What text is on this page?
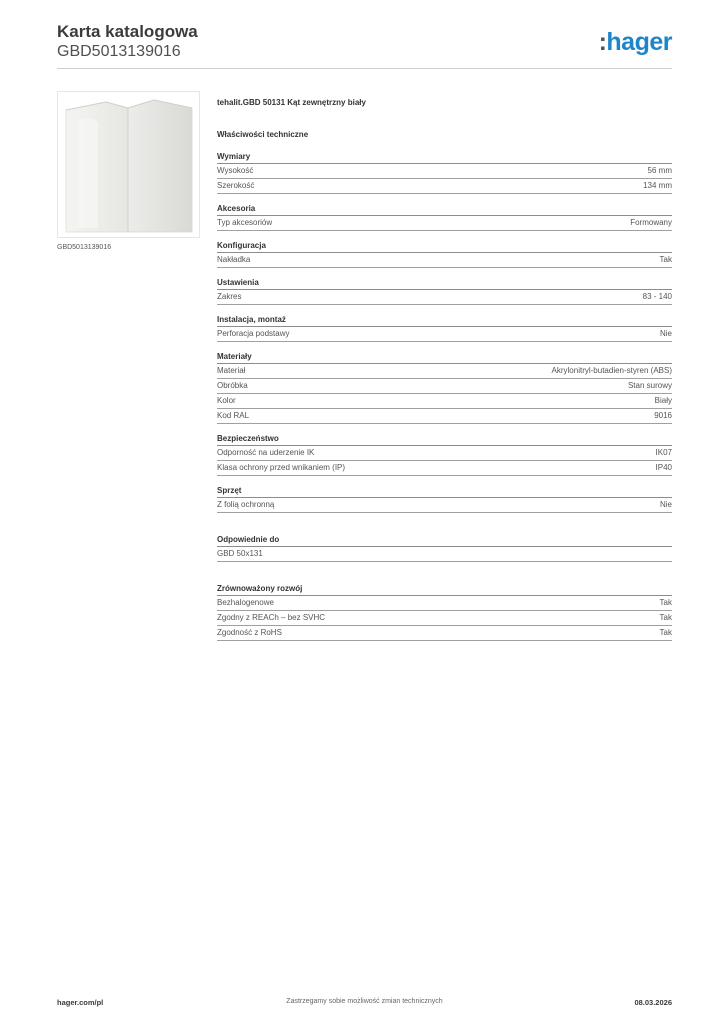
Karta katalogowa
GBD5013139016	:hager
GBD5013139016
tehalit.GBD 50131 Kąt zewnętrzny biały
Właściwości techniczne
Wymiary
Wysokość	56 mm
Szerokość	134 mm
Akcesoria
Typ akcesoriów	Formowany
Konfiguracja
Nakładka	Tak
Ustawienia
Zakres	83 - 140
Instalacja, montaż
Perforacja podstawy	Nie
Materiały
Materiał	Akrylonitryl-butadien-styren (ABS)
Obróbka	Stan surowy
Kolor	Biały
Kod RAL	9016
Bezpieczeństwo
Odporność na uderzenie IK	IK07
Klasa ochrony przed wnikaniem (IP)	IP40
Sprzęt
Z folią ochronną	Nie
Odpowiednie do
GBD 50x131
Zrównoważony rozwój
Bezhalogenowe	Tak
Zgodny z REACh – bez SVHC	Tak
Zgodność z RoHS	Tak
hager.com/pl	Zastrzegamy sobie możliwość zmian technicznych	08.03.2026
